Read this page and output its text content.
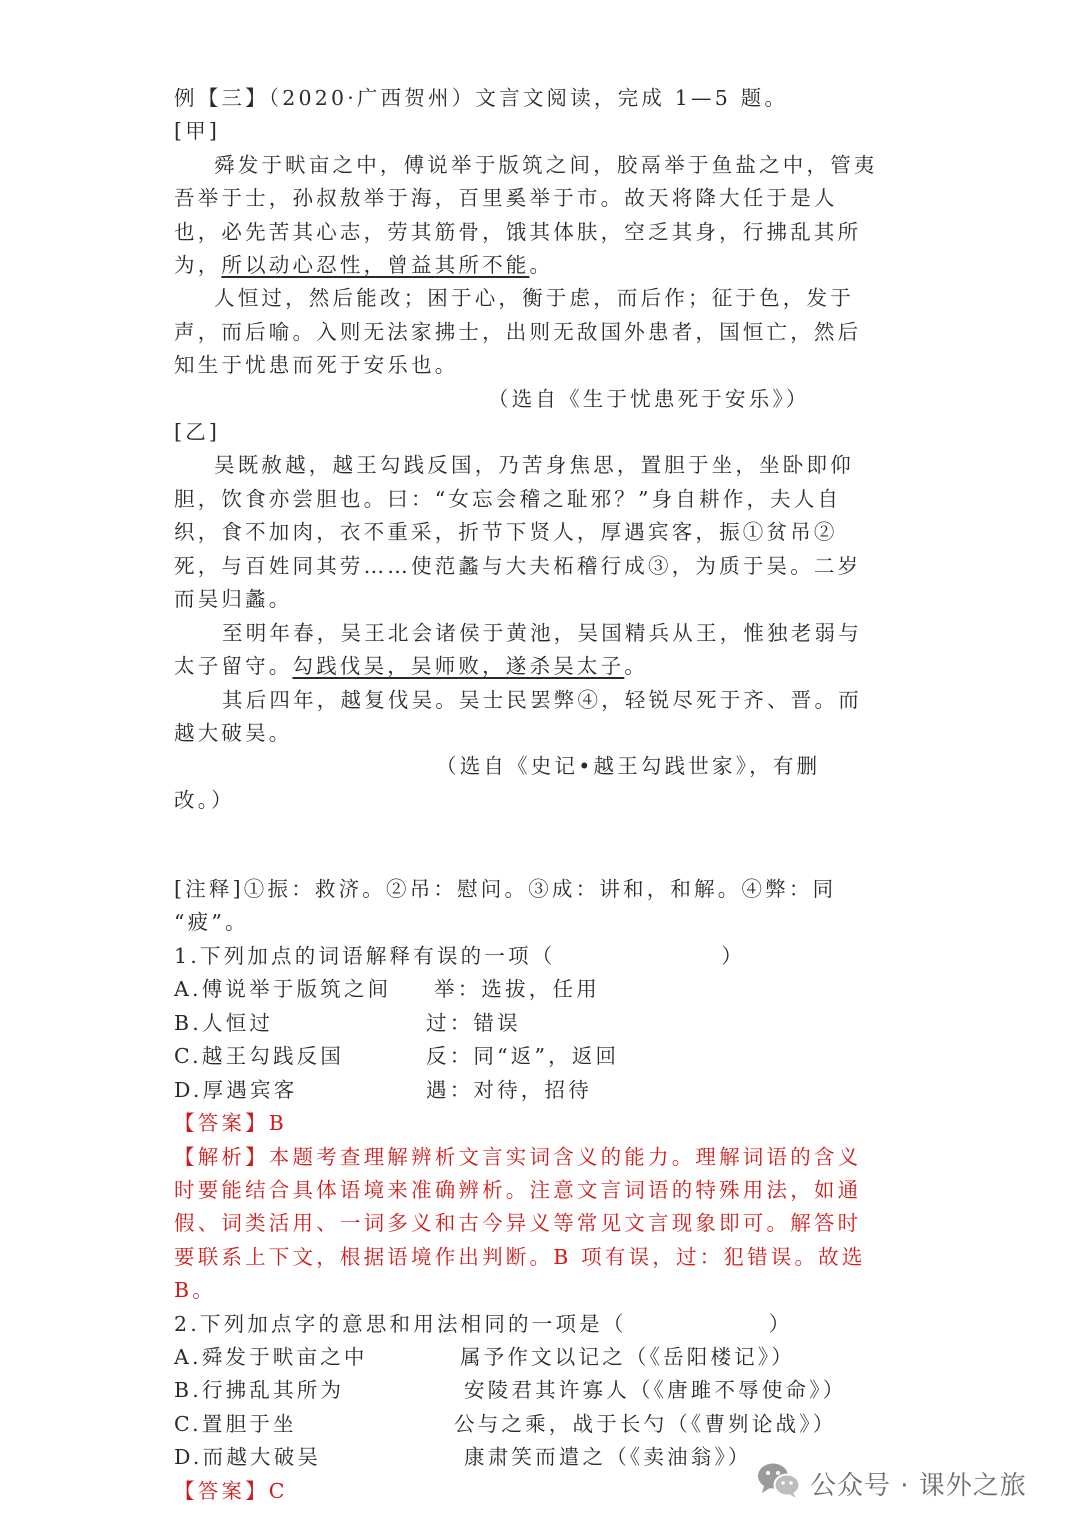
例【三】（2020·广西贺州）文言文阅读，完成 1—5 题。
[甲]
舜发于畎亩之中，傅说举于版筑之间，胶鬲举于鱼盐之中，管夷
吾举于士，孙叔敖举于海，百里奚举于市。故天将降大任于是人
也，必先苦其心志，劳其筋骨，饿其体肤，空乏其身，行拂乱其所
为，所以动心忍性，曾益其所不能。
人恒过，然后能改；困于心，衡于虑，而后作；征于色，发于
声，而后喻。入则无法家拂士，出则无敌国外患者，国恒亡，然后
知生于忧患而死于安乐也。
（选自《生于忧患死于安乐》）
[乙]
吴既赦越，越王勾践反国，乃苦身焦思，置胆于坐，坐卧即仰
胆，饮食亦尝胆也。曰：“女忘会稽之耻邪？”身自耕作，夫人自
织，食不加肉，衣不重采，折节下贤人，厚遇宾客，振①贫吊②
死，与百姓同其劳……使范蠡与大夫柘稽行成③，为质于吴。二岁
而吴归蠡。
至明年春，吴王北会诸侯于黄池，吴国精兵从王，惟独老弱与
太子留守。勾践伐吴，吴师败，遂杀吴太子。
其后四年，越复伐吴。吴士民罢弊④，轻锐尽死于齐、晋。而
越大破吴。
（选自《史记•越王勾践世家》，有删
改。）
[注释]①振：救济。②吊：慰问。③成：讲和，和解。④弊：同
“疲”。
1.下列加点的词语解释有误的一项（　　　　　　　）
A.傅说举于版筑之间 举：选拔，任用
B.人恒过	过：错误
C.越王勾践反国	反：同“返”，返回
D.厚遇宾客	遇：对待，招待
【答案】B
【解析】本题考查理解辨析文言实词含义的能力。理解词语的含义
时要能结合具体语境来准确辨析。注意文言词语的特殊用法，如通
假、词类活用、一词多义和古今异义等常见文言现象即可。解答时
要联系上下文，根据语境作出判断。B 项有误，过：犯错误。故选
B。
2.下列加点字的意思和用法相同的一项是（　　　　　　）
A.舜发于畎亩之中	属予作文以记之（《岳阳楼记》）
B.行拂乱其所为	安陵君其许寡人（《唐雎不辱使命》）
C.置胆于坐	公与之乘，战于长勺（《曹刿论战》）
D.而越大破吴	康肃笑而遣之（《卖油翁》）
【答案】C	公众号 · 课外之旅
